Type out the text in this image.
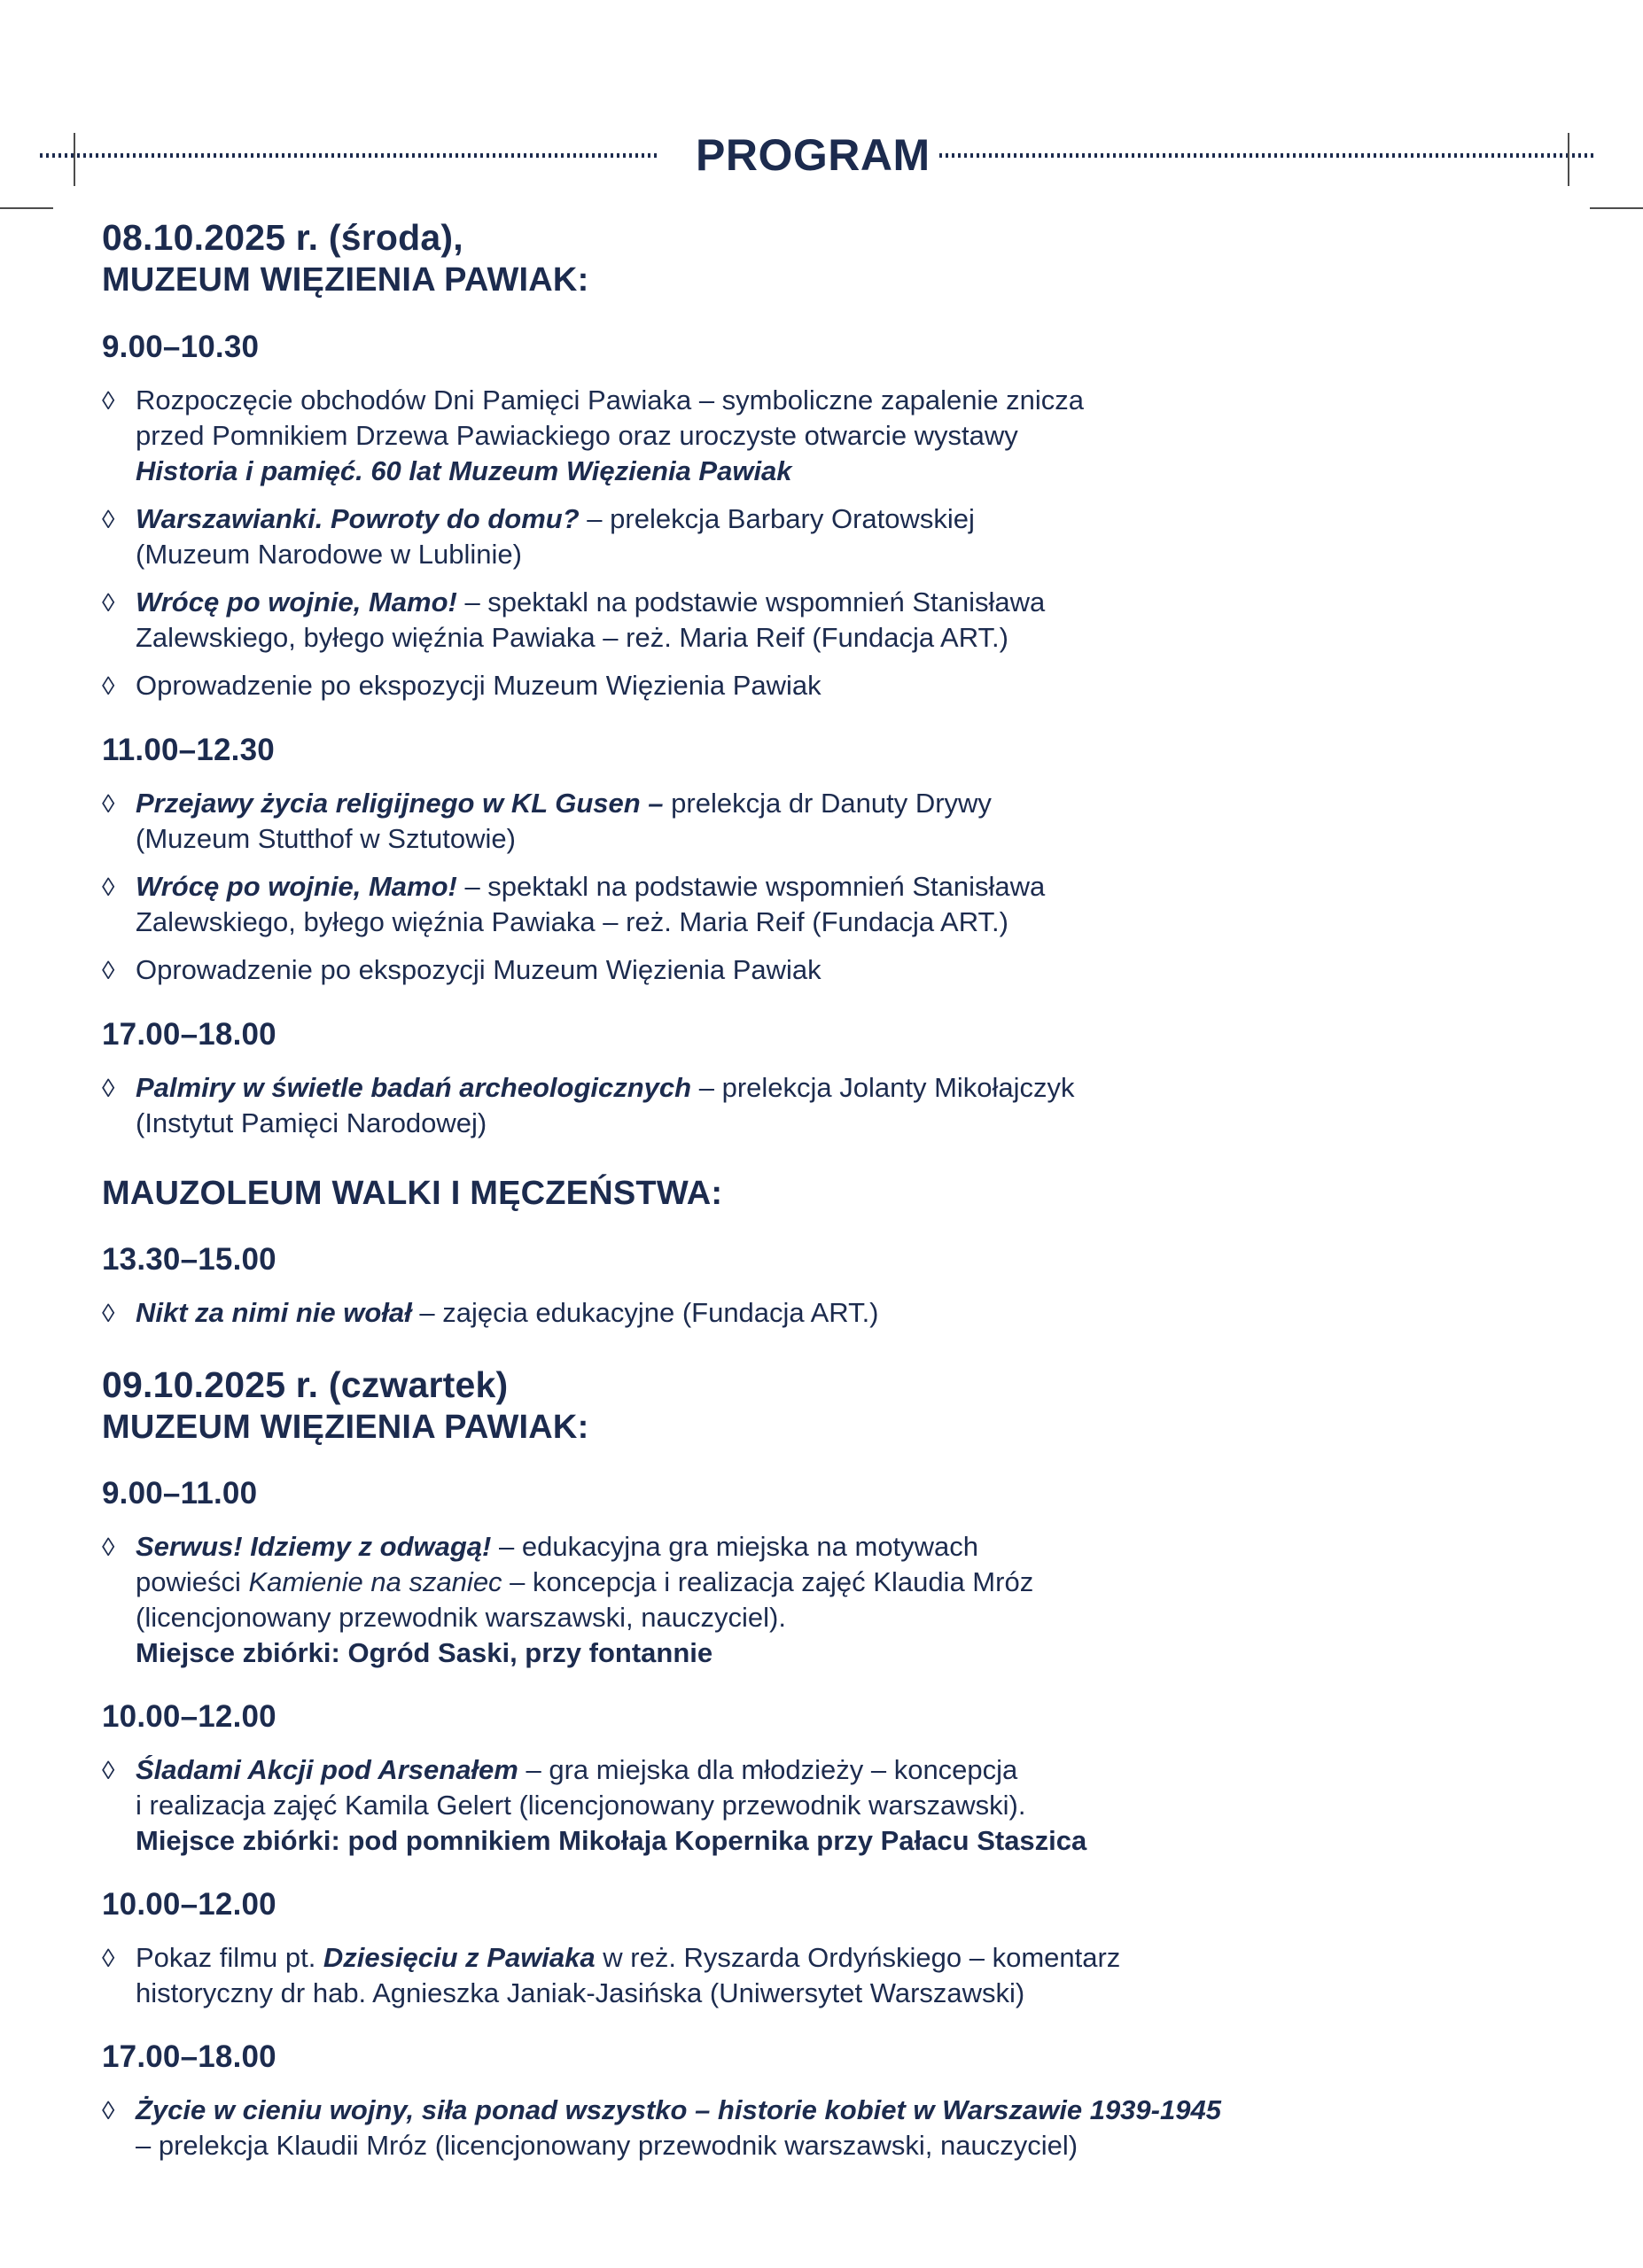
PROGRAM
08.10.2025 r. (środa),
MUZEUM WIĘZIENIA PAWIAK:
9.00–10.30
◊ Rozpoczęcie obchodów Dni Pamięci Pawiaka – symboliczne zapalenie znicza
przed Pomnikiem Drzewa Pawiackiego oraz uroczyste otwarcie wystawy
Historia i pamięć. 60 lat Muzeum Więzienia Pawiak
◊ Warszawianki. Powroty do domu? – prelekcja Barbary Oratowskiej
(Muzeum Narodowe w Lublinie)
◊ Wrócę po wojnie, Mamo! – spektakl na podstawie wspomnień Stanisława
Zalewskiego, byłego więźnia Pawiaka – reż. Maria Reif (Fundacja ART.)
◊ Oprowadzenie po ekspozycji Muzeum Więzienia Pawiak
11.00–12.30
◊ Przejawy życia religijnego w KL Gusen – prelekcja dr Danuty Drywy
(Muzeum Stutthof w Sztutowie)
◊ Wrócę po wojnie, Mamo! – spektakl na podstawie wspomnień Stanisława
Zalewskiego, byłego więźnia Pawiaka – reż. Maria Reif (Fundacja ART.)
◊ Oprowadzenie po ekspozycji Muzeum Więzienia Pawiak
17.00–18.00
◊ Palmiry w świetle badań archeologicznych – prelekcja Jolanty Mikołajczyk
(Instytut Pamięci Narodowej)
MAUZOLEUM WALKI I MĘCZEŃSTWA:
13.30–15.00
◊ Nikt za nimi nie wołał – zajęcia edukacyjne (Fundacja ART.)
09.10.2025 r. (czwartek)
MUZEUM WIĘZIENIA PAWIAK:
9.00–11.00
◊ Serwus! Idziemy z odwagą! – edukacyjna gra miejska na motywach
powieści Kamienie na szaniec – koncepcja i realizacja zajęć Klaudia Mróz
(licencjonowany przewodnik warszawski, nauczyciel).
Miejsce zbiórki: Ogród Saski, przy fontannie
10.00–12.00
◊ Śladami Akcji pod Arsenałem – gra miejska dla młodzieży – koncepcja
i realizacja zajęć Kamila Gelert (licencjonowany przewodnik warszawski).
Miejsce zbiórki: pod pomnikiem Mikołaja Kopernika przy Pałacu Staszica
10.00–12.00
◊ Pokaz filmu pt. Dziesięciu z Pawiaka w reż. Ryszarda Ordyńskiego – komentarz
historyczny dr hab. Agnieszka Janiak-Jasińska (Uniwersytet Warszawski)
17.00–18.00
◊ Życie w cieniu wojny, siła ponad wszystko – historie kobiet w Warszawie 1939-1945
– prelekcja Klaudii Mróz (licencjonowany przewodnik warszawski, nauczyciel)
